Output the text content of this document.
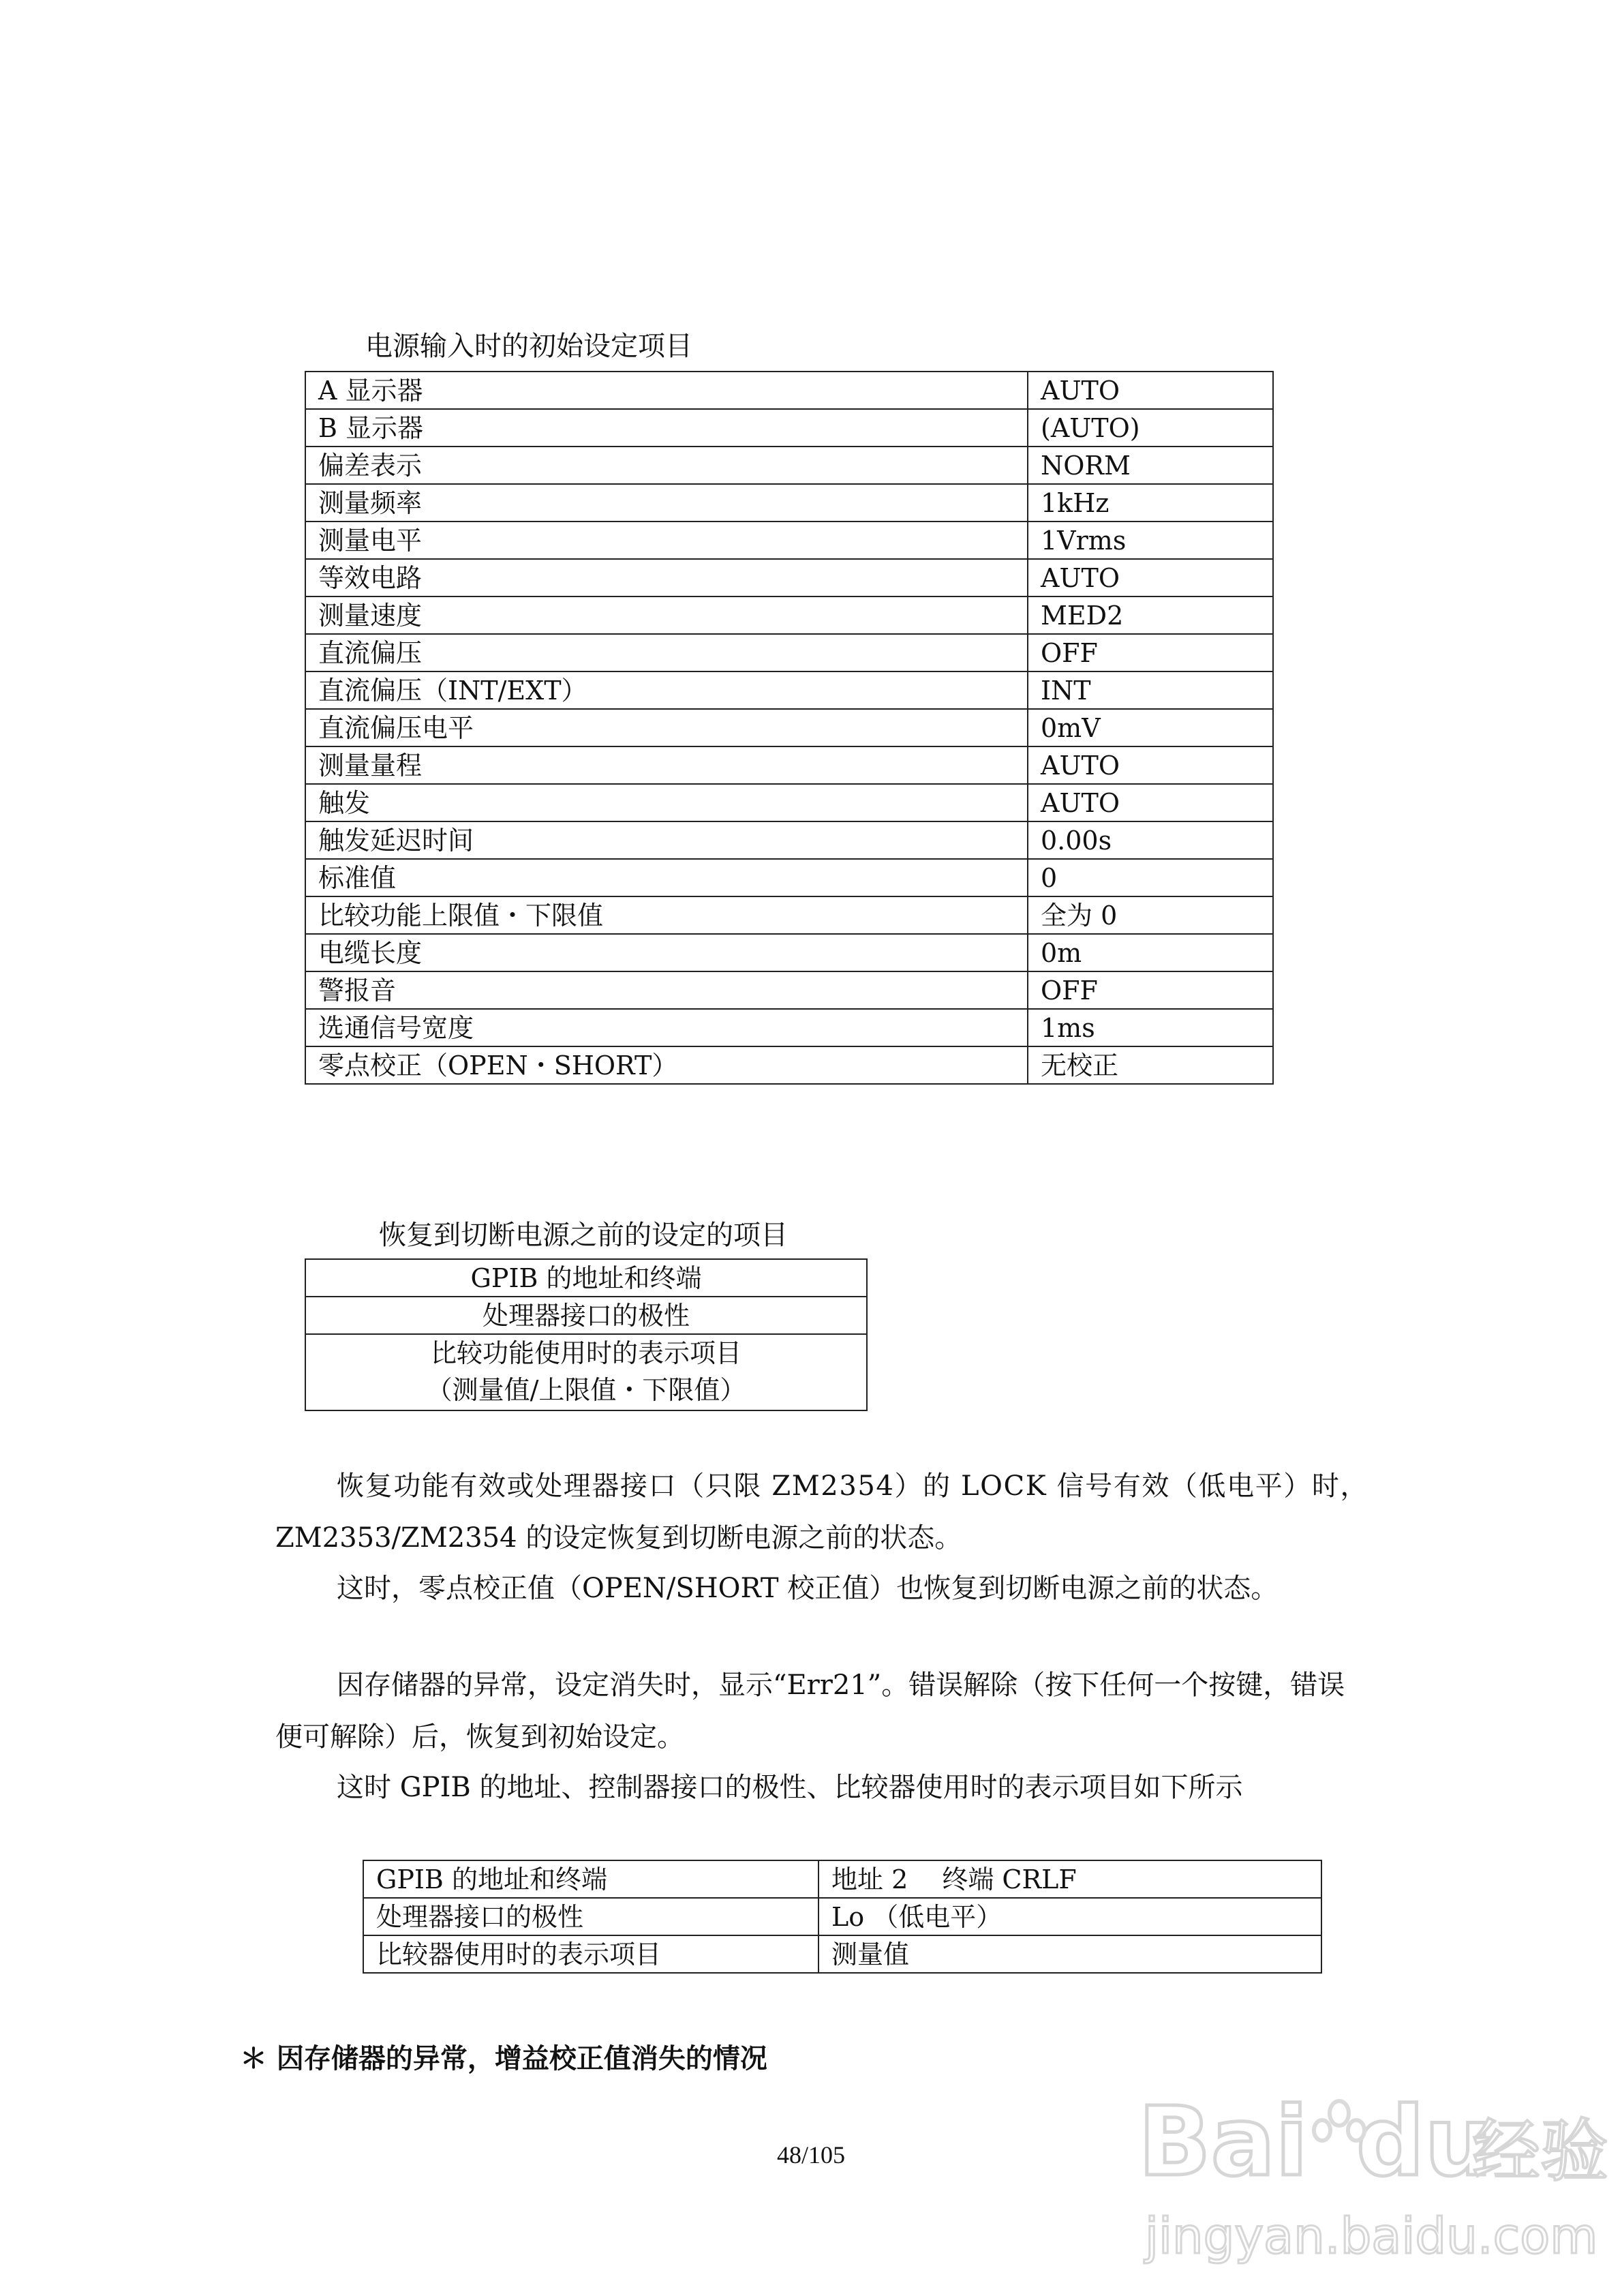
电源输入时的初始设定项目
A 显示器	AUTO
B 显示器	(AUTO)
偏差表示	NORM
测量频率	1kHz
测量电平	1Vrms
等效电路	AUTO
测量速度	MED2
直流偏压	OFF
直流偏压（INT/EXT）	INT
直流偏压电平	0mV
测量量程	AUTO
触发	AUTO
触发延迟时间	0.00s
标准值	0
比较功能上限值・下限值	全为 0
电缆长度	0m
警报音	OFF
选通信号宽度	1ms
零点校正（OPEN・SHORT）	无校正
恢复到切断电源之前的设定的项目
GPIB 的地址和终端
处理器接口的极性
比较功能使用时的表示项目
（测量值/上限值・下限值）
恢复功能有效或处理器接口（只限 ZM2354）的 LOCK 信号有效（低电平）时，
ZM2353/ZM2354 的设定恢复到切断电源之前的状态。
这时，零点校正值（OPEN/SHORT 校正值）也恢复到切断电源之前的状态。
因存储器的异常，设定消失时，显示“Err21”。错误解除（按下任何一个按键，错误
便可解除）后，恢复到初始设定。
这时 GPIB 的地址、控制器接口的极性、比较器使用时的表示项目如下所示
GPIB 的地址和终端	地址 2　 终端 CRLF
处理器接口的极性	Lo （低电平）
比较器使用时的表示项目	测量值
＊ 因存储器的异常，增益校正值消失的情况
48/105	Bai du
经验
jingyan.baidu.com
